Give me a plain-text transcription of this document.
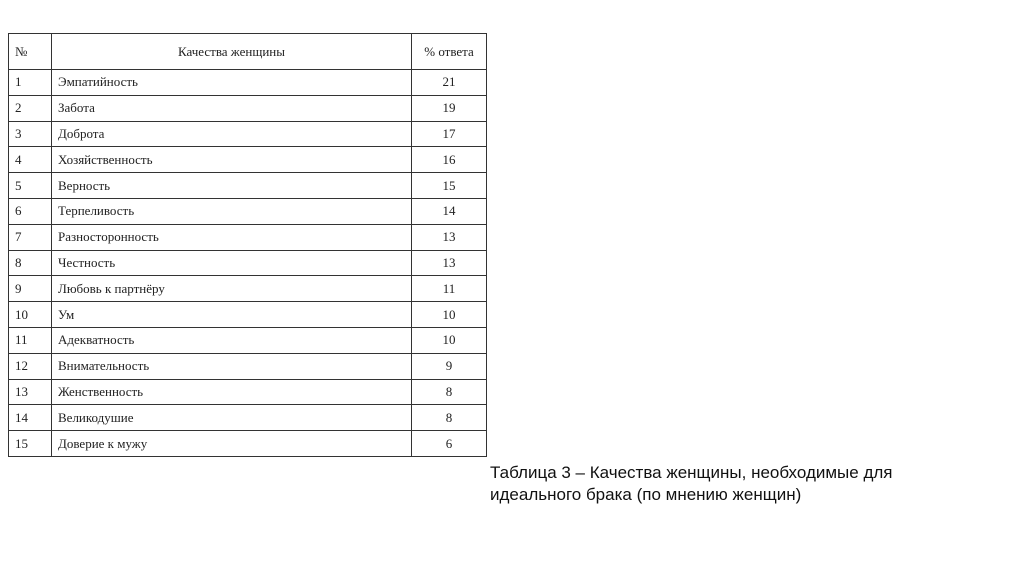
№	Качества женщины	% ответа
1	Эмпатийность	21
2	Забота	19
3	Доброта	17
4	Хозяйственность	16
5	Верность	15
6	Терпеливость	14
7	Разносторонность	13
8	Честность	13
9	Любовь к партнёру	11
10	Ум	10
11	Адекватность	10
12	Внимательность	9
13	Женственность	8
14	Великодушие	8
15	Доверие к мужу	6
Таблица 3 – Качества женщины, необходимые для идеального брака (по мнению женщин)
